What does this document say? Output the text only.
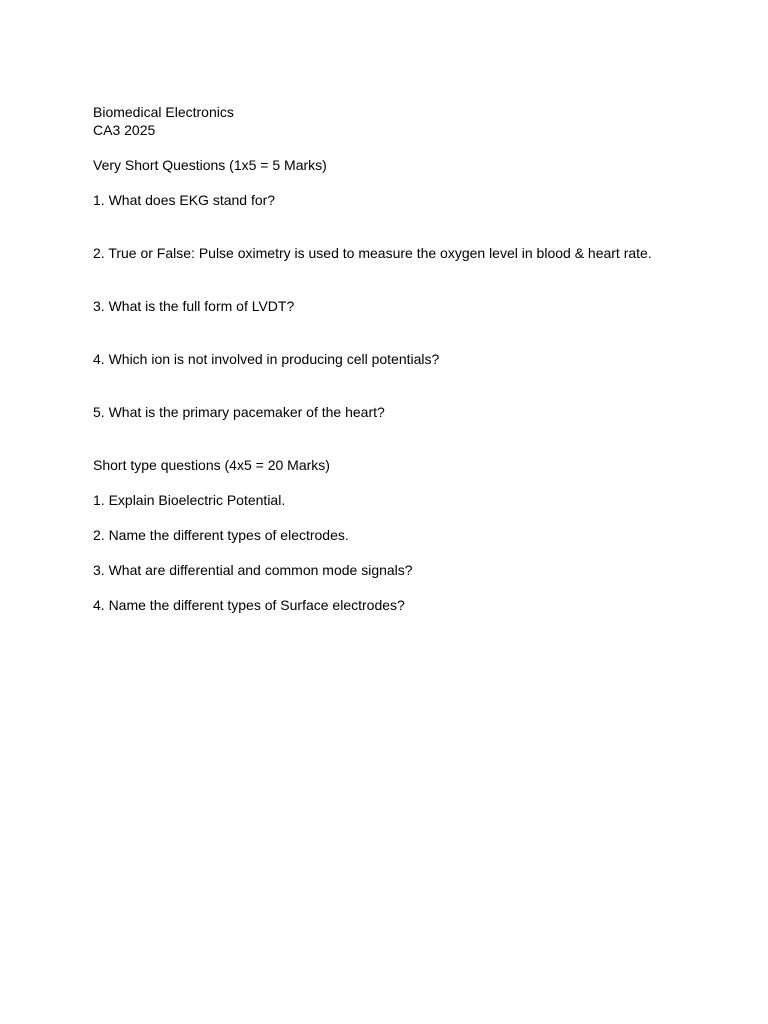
Biomedical Electronics
CA3 2025
Very Short Questions (1x5 = 5 Marks)
1. What does EKG stand for?
2. True or False: Pulse oximetry is used to measure the oxygen level in blood & heart rate.
3. What is the full form of LVDT?
4. Which ion is not involved in producing cell potentials?
5. What is the primary pacemaker of the heart?
Short type questions (4x5 = 20 Marks)
1. Explain Bioelectric Potential.
2. Name the different types of electrodes.
3. What are differential and common mode signals?
4. Name the different types of Surface electrodes?
